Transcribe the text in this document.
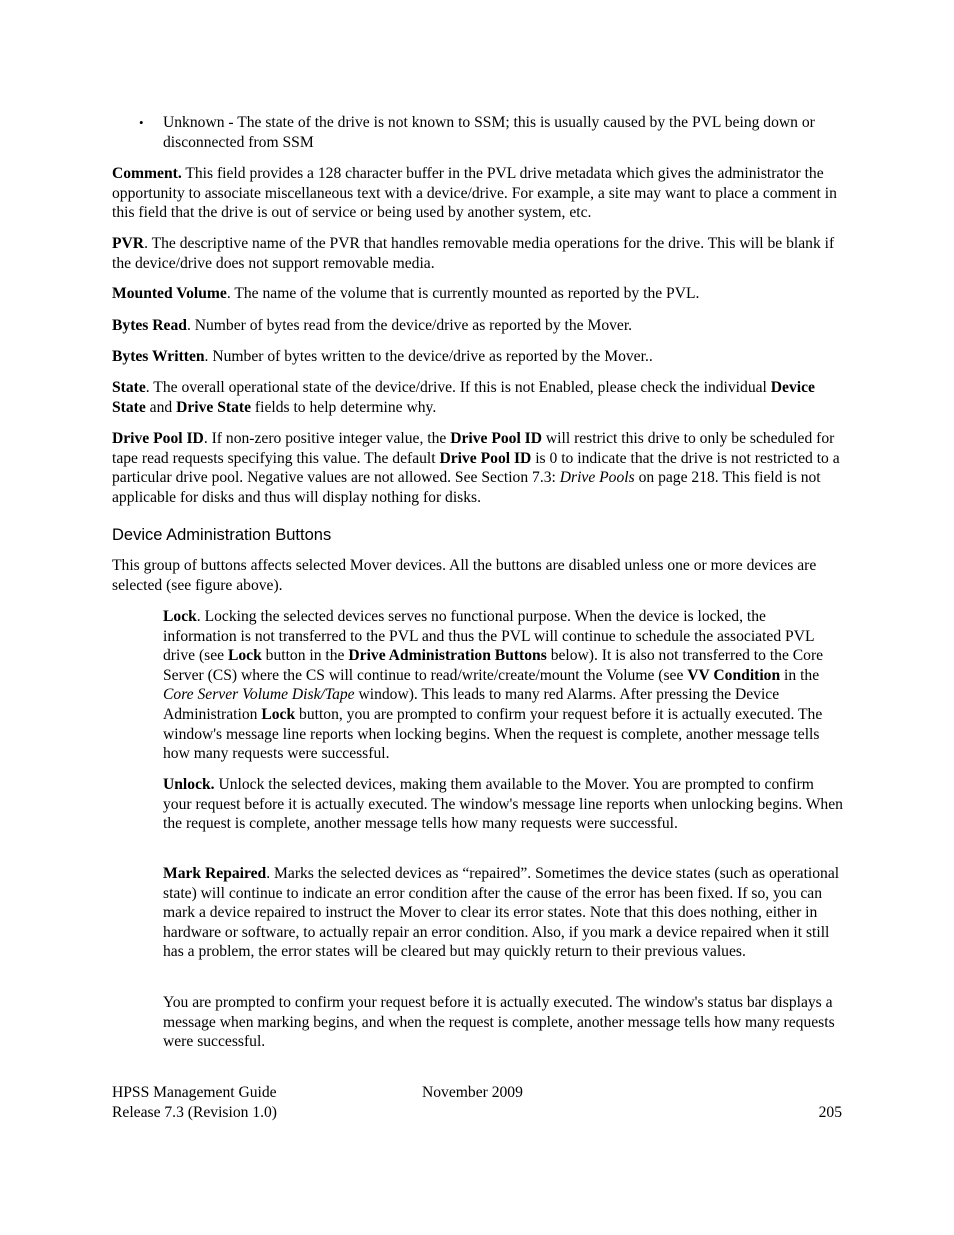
• Unknown - The state of the drive is not known to SSM; this is usually caused by the PVL being down or disconnected from SSM

Comment. This field provides a 128 character buffer in the PVL drive metadata which gives the administrator the opportunity to associate miscellaneous text with a device/drive. For example, a site may want to place a comment in this field that the drive is out of service or being used by another system, etc.

PVR. The descriptive name of the PVR that handles removable media operations for the drive. This will be blank if the device/drive does not support removable media.

Mounted Volume. The name of the volume that is currently mounted as reported by the PVL.

Bytes Read. Number of bytes read from the device/drive as reported by the Mover.

Bytes Written. Number of bytes written to the device/drive as reported by the Mover..

State. The overall operational state of the device/drive. If this is not Enabled, please check the individual Device State and Drive State fields to help determine why.

Drive Pool ID. If non-zero positive integer value, the Drive Pool ID will restrict this drive to only be scheduled for tape read requests specifying this value. The default Drive Pool ID is 0 to indicate that the drive is not restricted to a particular drive pool. Negative values are not allowed. See Section 7.3: Drive Pools on page 218. This field is not applicable for disks and thus will display nothing for disks.

Device Administration Buttons

This group of buttons affects selected Mover devices. All the buttons are disabled unless one or more devices are selected (see figure above).

Lock. Locking the selected devices serves no functional purpose. When the device is locked, the information is not transferred to the PVL and thus the PVL will continue to schedule the associated PVL drive (see Lock button in the Drive Administration Buttons below). It is also not transferred to the Core Server (CS) where the CS will continue to read/write/create/mount the Volume (see VV Condition in the Core Server Volume Disk/Tape window). This leads to many red Alarms. After pressing the Device Administration Lock button, you are prompted to confirm your request before it is actually executed. The window's message line reports when locking begins. When the request is complete, another message tells how many requests were successful.

Unlock. Unlock the selected devices, making them available to the Mover. You are prompted to confirm your request before it is actually executed. The window's message line reports when unlocking begins. When the request is complete, another message tells how many requests were successful.

Mark Repaired. Marks the selected devices as “repaired”. Sometimes the device states (such as operational state) will continue to indicate an error condition after the cause of the error has been fixed. If so, you can mark a device repaired to instruct the Mover to clear its error states. Note that this does nothing, either in hardware or software, to actually repair an error condition. Also, if you mark a device repaired when it still has a problem, the error states will be cleared but may quickly return to their previous values.

You are prompted to confirm your request before it is actually executed. The window's status bar displays a message when marking begins, and when the request is complete, another message tells how many requests were successful.

HPSS Management Guide
Release 7.3 (Revision 1.0)
November 2009
205
